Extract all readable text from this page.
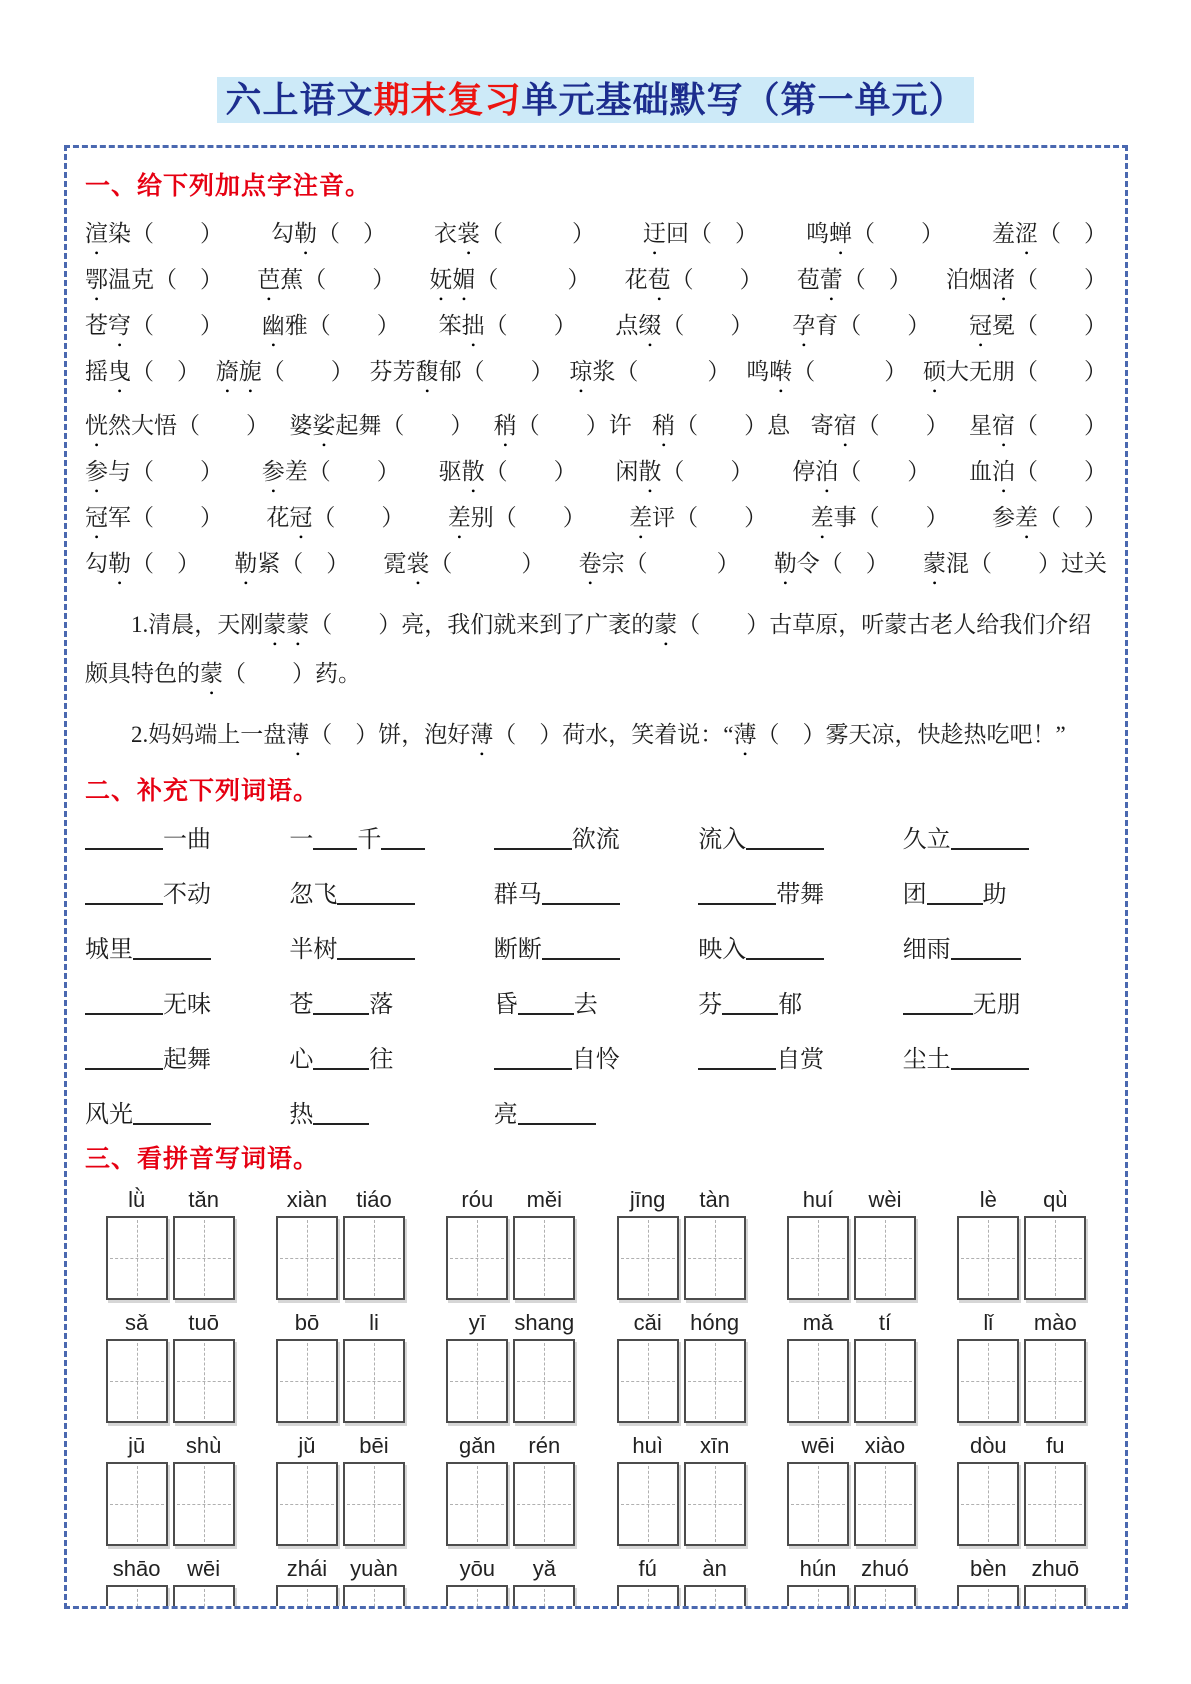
六上语文期末复习单元基础默写（第一单元）
一、给下列加点字注音。
渲染（　　） 勾勒（　） 衣裳（　　　） 迂回（　） 鸣蝉（　　） 羞涩（　）
鄂温克（　） 芭蕉（　　） 妩媚（　　　） 花苞（　　） 苞蕾（　） 泊烟渚（　　）
苍穹（　　） 幽雅（　　） 笨拙（　　） 点缀（　　） 孕育（　　） 冠冕（　　）
摇曳（　） 旖旎（　　） 芬芳馥郁（　　） 琼浆（　　　） 鸣啭（　　　） 硕大无朋（　　）
恍然大悟（　　） 婆娑起舞（　　） 稍（　　）许 稍（　　）息 寄宿（　　） 星宿（　　）
参与（　　） 参差（　　） 驱散（　　） 闲散（　　） 停泊（　　） 血泊（　　）
冠军（　　） 花冠（　　） 差别（　　） 差评（　　） 差事（　　） 参差（　）
勾勒（　） 勒紧（　） 霓裳（　　　） 卷宗（　　　） 勒令（　） 蒙混（　　）过关

1.清晨，天刚蒙蒙（　　）亮，我们就来到了广袤的蒙（　　）古草原，听蒙古老人给我们介绍颇具特色的蒙（　　）药。

2.妈妈端上一盘薄（　）饼，泡好薄（　）荷水，笑着说：“薄（　）雾天凉，快趁热吃吧！”

二、补充下列词语。
一曲	一 千	欲流	流入	久立
不动	忽飞	群马	带舞	团 助
城里	半树	断断	映入	细雨
无味	苍 落	昏 去	芬 郁	无朋
起舞	心 往	自怜	自赏	尘土
风光	热	亮
三、看拼音写词语。
lǜ	tǎn	xiàn	tiáo	róu	měi	jīng	tàn	huí	wèi	lè	qù
sǎ	tuō	bō	li	yī	shang	cǎi	hóng	mǎ	tí	lǐ	mào
jū	shù	jǔ	bēi	gǎn	rén	huì	xīn	wēi	xiào	dòu	fu
shāo	wēi	zhái	yuàn	yōu	yǎ	fú	àn	hún	zhuó	bèn	zhuō
